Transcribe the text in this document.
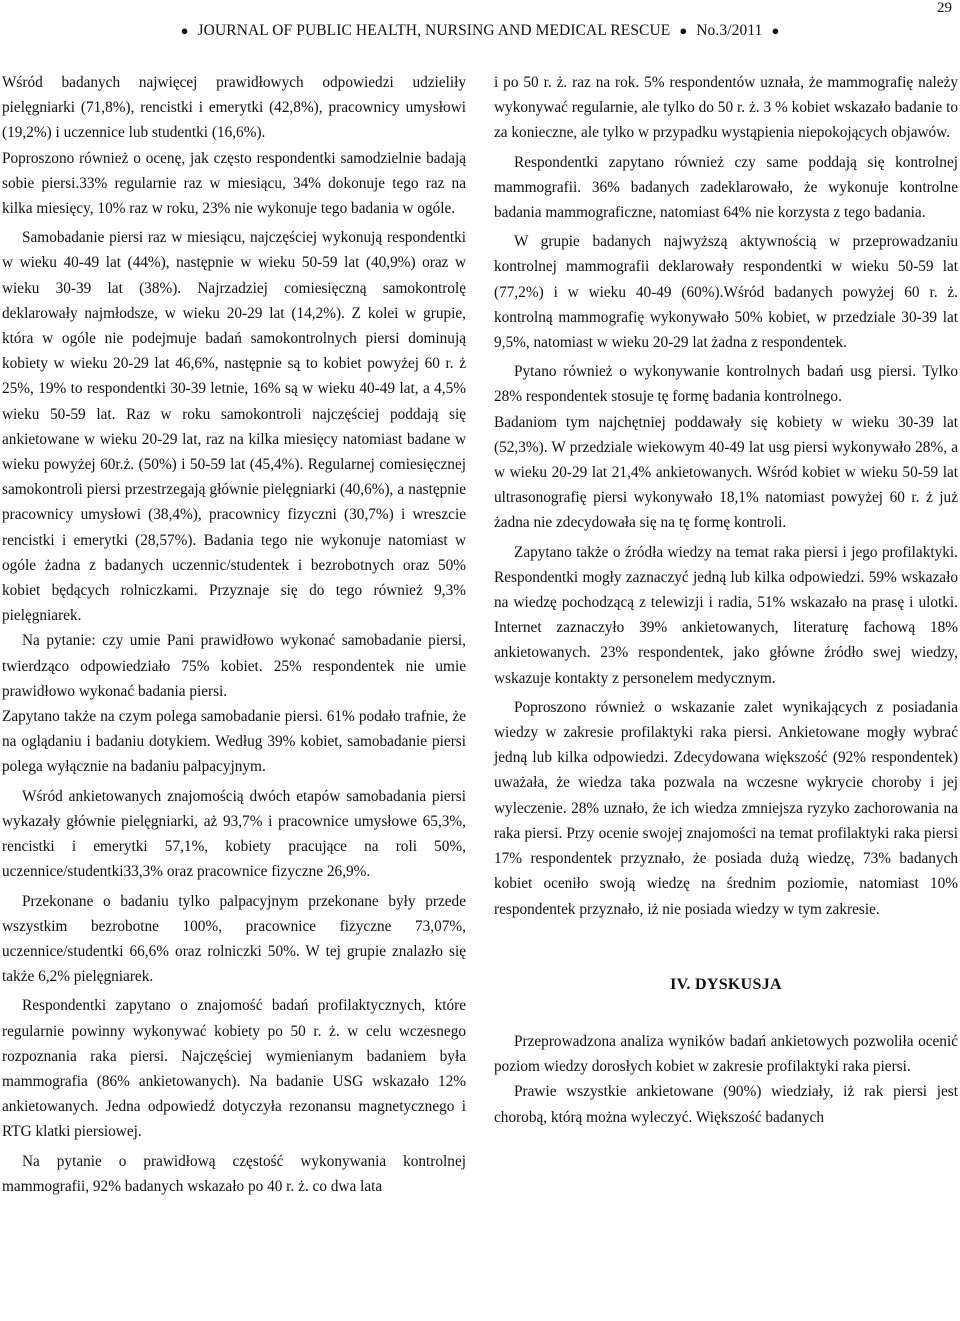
29
● JOURNAL OF PUBLIC HEALTH, NURSING AND MEDICAL RESCUE ● No.3/2011 ●

Wśród badanych najwięcej prawidłowych odpowiedzi udzieliły pielęgniarki (71,8%), rencistki i emerytki (42,8%), pracownicy umysłowi (19,2%) i uczennice lub studentki (16,6%).

Poproszono również o ocenę, jak często respondentki samodzielnie badają sobie piersi.33% regularnie raz w miesiącu, 34% dokonuje tego raz na kilka miesięcy, 10% raz w roku, 23% nie wykonuje tego badania w ogóle.

Samobadanie piersi raz w miesiącu, najczęściej wykonują respondentki w wieku 40-49 lat (44%), następnie w wieku 50-59 lat (40,9%) oraz w wieku 30-39 lat (38%). Najrzadziej comiesięczną samokontrolę deklarowały najmłodsze, w wieku 20-29 lat (14,2%). Z kolei w grupie, która w ogóle nie podejmuje badań samokontrolnych piersi dominują kobiety w wieku 20-29 lat 46,6%, następnie są to kobiet powyżej 60 r. ż 25%, 19% to respondentki 30-39 letnie, 16% są w wieku 40-49 lat, a 4,5% wieku 50-59 lat. Raz w roku samokontroli najczęściej poddają się ankietowane w wieku 20-29 lat, raz na kilka miesięcy natomiast badane w wieku powyżej 60r.ż. (50%) i 50-59 lat (45,4%). Regularnej comiesięcznej samokontroli piersi przestrzegają głównie pielęgniarki (40,6%), a następnie pracownicy umysłowi (38,4%), pracownicy fizyczni (30,7%) i wreszcie rencistki i emerytki (28,57%). Badania tego nie wykonuje natomiast w ogóle żadna z badanych uczennic/studentek i bezrobotnych oraz 50% kobiet będących rolniczkami. Przyznaje się do tego również 9,3% pielęgniarek.

Na pytanie: czy umie Pani prawidłowo wykonać samobadanie piersi, twierdząco odpowiedziało 75% kobiet. 25% respondentek nie umie prawidłowo wykonać badania piersi.

Zapytano także na czym polega samobadanie piersi. 61% podało trafnie, że na oglądaniu i badaniu dotykiem. Według 39% kobiet, samobadanie piersi polega wyłącznie na badaniu palpacyjnym.

Wśród ankietowanych znajomością dwóch etapów samobadania piersi wykazały głównie pielęgniarki, aż 93,7% i pracownice umysłowe 65,3%, rencistki i emerytki 57,1%, kobiety pracujące na roli 50%, uczennice/studentki33,3% oraz pracownice fizyczne 26,9%.

Przekonane o badaniu tylko palpacyjnym przekonane były przede wszystkim bezrobotne 100%, pracownice fizyczne 73,07%, uczennice/studentki 66,6% oraz rolniczki 50%. W tej grupie znalazło się także 6,2% pielęgniarek.

Respondentki zapytano o znajomość badań profilaktycznych, które regularnie powinny wykonywać kobiety po 50 r. ż. w celu wczesnego rozpoznania raka piersi. Najczęściej wymienianym badaniem była mammografia (86% ankietowanych). Na badanie USG wskazało 12% ankietowanych. Jedna odpowiedź dotyczyła rezonansu magnetycznego i RTG klatki piersiowej.

Na pytanie o prawidłową częstość wykonywania kontrolnej mammografii, 92% badanych wskazało po 40 r. ż. co dwa lata

i po 50 r. ż. raz na rok. 5% respondentów uznała, że mammografię należy wykonywać regularnie, ale tylko do 50 r. ż. 3 % kobiet wskazało badanie to za konieczne, ale tylko w przypadku wystąpienia niepokojących objawów.

Respondentki zapytano również czy same poddają się kontrolnej mammografii. 36% badanych zadeklarowało, że wykonuje kontrolne badania mammograficzne, natomiast 64% nie korzysta z tego badania.

W grupie badanych najwyższą aktywnością w przeprowadzaniu kontrolnej mammografii deklarowały respondentki w wieku 50-59 lat (77,2%) i w wieku 40-49 (60%).Wśród badanych powyżej 60 r. ż. kontrolną mammografię wykonywało 50% kobiet, w przedziale 30-39 lat 9,5%, natomiast w wieku 20-29 lat żadna z respondentek.

Pytano również o wykonywanie kontrolnych badań usg piersi. Tylko 28% respondentek stosuje tę formę badania kontrolnego.

Badaniom tym najchętniej poddawały się kobiety w wieku 30-39 lat (52,3%). W przedziale wiekowym 40-49 lat usg piersi wykonywało 28%, a w wieku 20-29 lat 21,4% ankietowanych. Wśród kobiet w wieku 50-59 lat ultrasonografię piersi wykonywało 18,1% natomiast powyżej 60 r. ż już żadna nie zdecydowała się na tę formę kontroli.

Zapytano także o źródła wiedzy na temat raka piersi i jego profilaktyki. Respondentki mogły zaznaczyć jedną lub kilka odpowiedzi. 59% wskazało na wiedzę pochodzącą z telewizji i radia, 51% wskazało na prasę i ulotki. Internet zaznaczyło 39% ankietowanych, literaturę fachową 18% ankietowanych. 23% respondentek, jako główne źródło swej wiedzy, wskazuje kontakty z personelem medycznym.

Poproszono również o wskazanie zalet wynikających z posiadania wiedzy w zakresie profilaktyki raka piersi. Ankietowane mogły wybrać jedną lub kilka odpowiedzi. Zdecydowana większość (92% respondentek) uważała, że wiedza taka pozwala na wczesne wykrycie choroby i jej wyleczenie. 28% uznało, że ich wiedza zmniejsza ryzyko zachorowania na raka piersi. Przy ocenie swojej znajomości na temat profilaktyki raka piersi 17% respondentek przyznało, że posiada dużą wiedzę, 73% badanych kobiet oceniło swoją wiedzę na średnim poziomie, natomiast 10% respondentek przyznało, iż nie posiada wiedzy w tym zakresie.

IV. DYSKUSJA

Przeprowadzona analiza wyników badań ankietowych pozwoliła ocenić poziom wiedzy dorosłych kobiet w zakresie profilaktyki raka piersi.

Prawie wszystkie ankietowane (90%) wiedziały, iż rak piersi jest chorobą, którą można wyleczyć. Większość badanych
